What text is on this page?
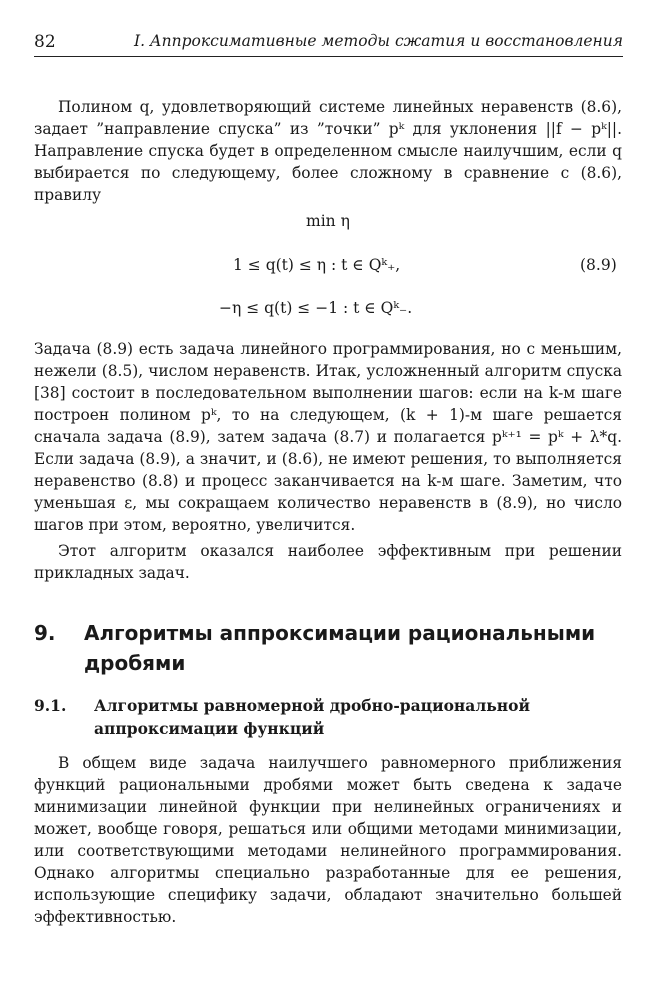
82	I. Аппроксимативные методы сжатия и восстановления

Полином q, удовлетворяющий системе линейных неравенств (8.6), задает ”направление спуска” из ”точки” pᵏ для уклонения ||f − pᵏ||. Направление спуска будет в определенном смысле наилучшим, если q выбирается по следующему, более сложному в сравнение с (8.6), правилу

min η
1 ≤ q(t) ≤ η : t ∈ Qᵏ₊,	(8.9)
−η ≤ q(t) ≤ −1 : t ∈ Qᵏ₋.

Задача (8.9) есть задача линейного программирования, но с меньшим, нежели (8.5), числом неравенств. Итак, усложненный алгоритм спуска [38] состоит в последовательном выполнении шагов: если на k-м шаге построен полином pᵏ, то на следующем, (k + 1)-м шаге решается сначала задача (8.9), затем задача (8.7) и полагается pᵏ⁺¹ = pᵏ + λ*q. Если задача (8.9), а значит, и (8.6), не имеют решения, то выполняется неравенство (8.8) и процесс заканчивается на k-м шаге. Заметим, что уменьшая ε, мы сокращаем количество неравенств в (8.9), но число шагов при этом, вероятно, увеличится.

Этот алгоритм оказался наиболее эффективным при решении прикладных задач.

9. Алгоритмы аппроксимации рациональными дробями
9.1. Алгоритмы равномерной дробно-рациональной аппроксимации функций

В общем виде задача наилучшего равномерного приближения функций рациональными дробями может быть сведена к задаче минимизации линейной функции при нелинейных ограничениях и может, вообще говоря, решаться или общими методами минимизации, или соответствующими методами нелинейного программирования. Однако алгоритмы специально разработанные для ее решения, использующие специфику задачи, обладают значительно большей эффективностью.
